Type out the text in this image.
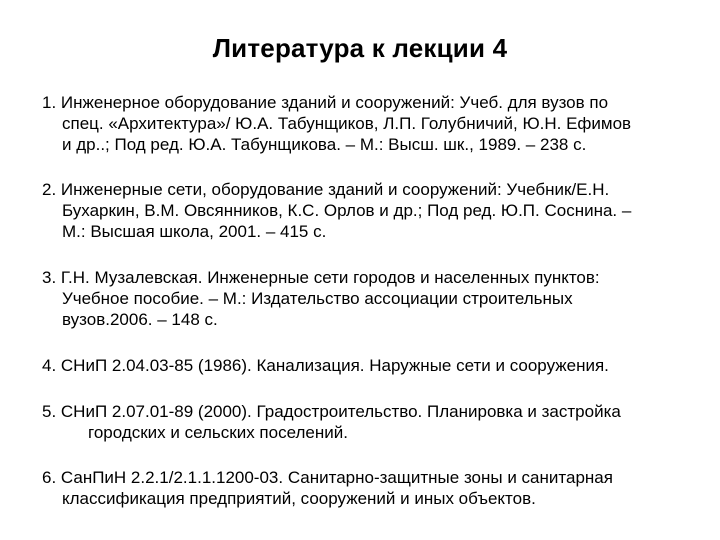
Литература к лекции 4
1. Инженерное оборудование зданий и сооружений: Учеб. для вузов по
спец. «Архитектура»/ Ю.А. Табунщиков, Л.П. Голубничий, Ю.Н. Ефимов
и др..; Под ред. Ю.А. Табунщикова. – М.: Высш. шк., 1989. – 238 с.
2. Инженерные сети, оборудование зданий и сооружений: Учебник/Е.Н.
Бухаркин, В.М. Овсянников, К.С. Орлов и др.; Под ред. Ю.П. Соснина. –
М.: Высшая школа, 2001. – 415 с.
3. Г.Н. Музалевская. Инженерные сети городов и населенных пунктов:
Учебное пособие. – М.: Издательство ассоциации строительных
вузов.2006. – 148 с.
4. СНиП 2.04.03-85 (1986). Канализация. Наружные сети и сооружения.
5. СНиП 2.07.01-89 (2000). Градостроительство. Планировка и застройка
городских и сельских поселений.
6. СанПиН 2.2.1/2.1.1.1200-03. Санитарно-защитные зоны и санитарная
классификация предприятий, сооружений и иных объектов.
